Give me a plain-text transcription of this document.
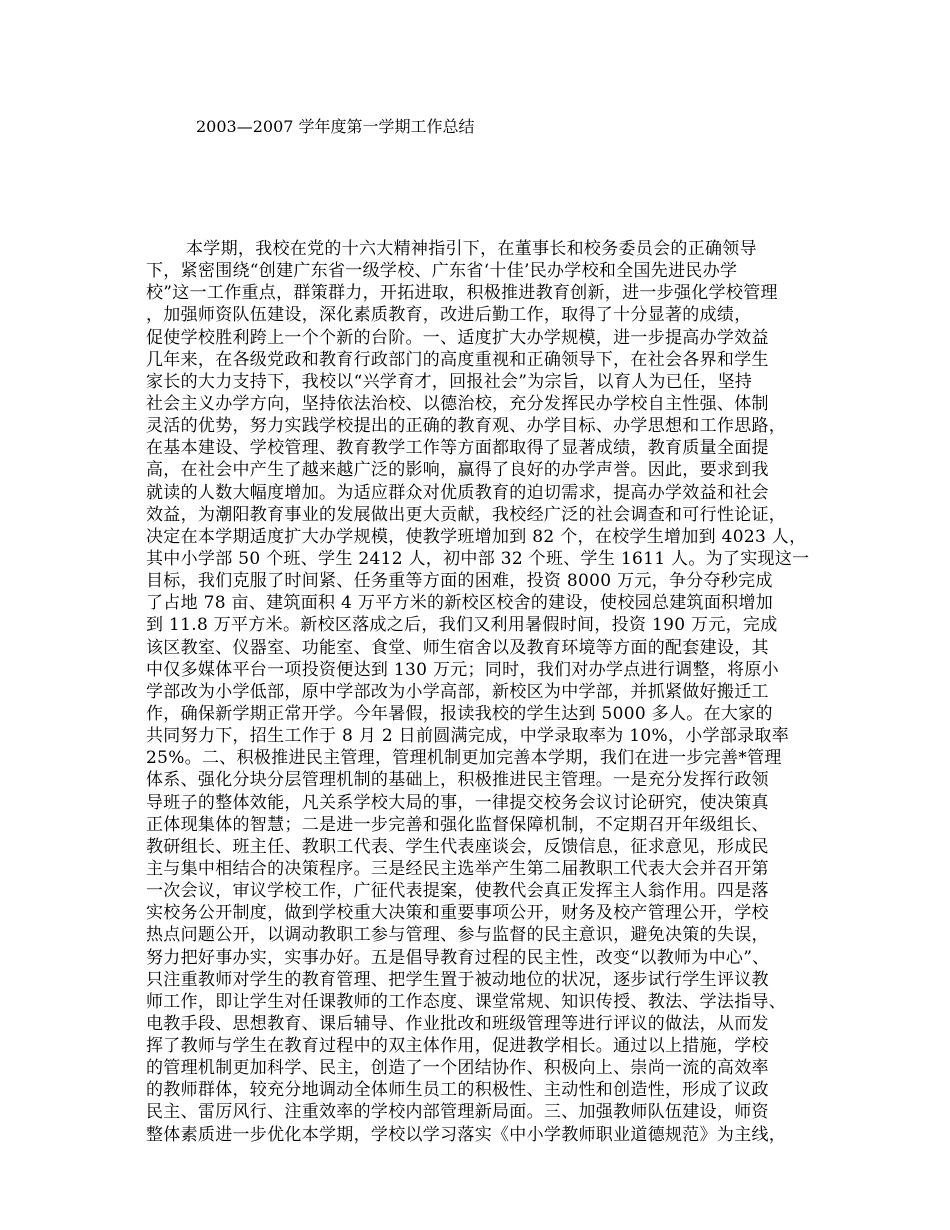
2003—2007 学年度第一学期工作总结
本学期，我校在党的十六大精神指引下，在董事长和校务委员会的正确领导
下，紧密围绕“创建广东省一级学校、广东省‘十佳’民办学校和全国先进民办学
校”这一工作重点，群策群力，开拓进取，积极推进教育创新，进一步强化学校管理
，加强师资队伍建设，深化素质教育，改进后勤工作，取得了十分显著的成绩，
促使学校胜利跨上一个个新的台阶。一、适度扩大办学规模，进一步提高办学效益
几年来，在各级党政和教育行政部门的高度重视和正确领导下，在社会各界和学生
家长的大力支持下，我校以“兴学育才，回报社会”为宗旨，以育人为已任，坚持
社会主义办学方向，坚持依法治校、以德治校，充分发挥民办学校自主性强、体制
灵活的优势，努力实践学校提出的正确的教育观、办学目标、办学思想和工作思路，
在基本建设、学校管理、教育教学工作等方面都取得了显著成绩，教育质量全面提
高，在社会中产生了越来越广泛的影响，赢得了良好的办学声誉。因此，要求到我
就读的人数大幅度增加。为适应群众对优质教育的迫切需求，提高办学效益和社会
效益，为潮阳教育事业的发展做出更大贡献，我校经广泛的社会调查和可行性论证，
决定在本学期适度扩大办学规模，使教学班增加到 82 个，在校学生增加到 4023 人，
其中小学部 50 个班、学生 2412 人，初中部 32 个班、学生 1611 人。为了实现这一
目标，我们克服了时间紧、任务重等方面的困难，投资 8000 万元，争分夺秒完成
了占地 78 亩、建筑面积 4 万平方米的新校区校舍的建设，使校园总建筑面积增加
到 11.8 万平方米。新校区落成之后，我们又利用暑假时间，投资 190 万元，完成
该区教室、仪器室、功能室、食堂、师生宿舍以及教育环境等方面的配套建设，其
中仅多媒体平台一项投资便达到 130 万元；同时，我们对办学点进行调整，将原小
学部改为小学低部，原中学部改为小学高部，新校区为中学部，并抓紧做好搬迁工
作，确保新学期正常开学。今年暑假，报读我校的学生达到 5000 多人。在大家的
共同努力下，招生工作于 8 月 2 日前圆满完成，中学录取率为 10%，小学部录取率
25%。二、积极推进民主管理，管理机制更加完善本学期，我们在进一步完善*管理
体系、强化分块分层管理机制的基础上，积极推进民主管理。一是充分发挥行政领
导班子的整体效能，凡关系学校大局的事，一律提交校务会议讨论研究，使决策真
正体现集体的智慧；二是进一步完善和强化监督保障机制，不定期召开年级组长、
教研组长、班主任、教职工代表、学生代表座谈会，反馈信息，征求意见，形成民
主与集中相结合的决策程序。三是经民主选举产生第二届教职工代表大会并召开第
一次会议，审议学校工作，广征代表提案，使教代会真正发挥主人翁作用。四是落
实校务公开制度，做到学校重大决策和重要事项公开，财务及校产管理公开，学校
热点问题公开，以调动教职工参与管理、参与监督的民主意识，避免决策的失误，
努力把好事办实，实事办好。五是倡导教育过程的民主性，改变“以教师为中心”、
只注重教师对学生的教育管理、把学生置于被动地位的状况，逐步试行学生评议教
师工作，即让学生对任课教师的工作态度、课堂常规、知识传授、教法、学法指导、
电教手段、思想教育、课后辅导、作业批改和班级管理等进行评议的做法，从而发
挥了教师与学生在教育过程中的双主体作用，促进教学相长。通过以上措施，学校
的管理机制更加科学、民主，创造了一个团结协作、积极向上、崇尚一流的高效率
的教师群体，较充分地调动全体师生员工的积极性、主动性和创造性，形成了议政
民主、雷厉风行、注重效率的学校内部管理新局面。三、加强教师队伍建设，师资
整体素质进一步优化本学期，学校以学习落实《中小学教师职业道德规范》为主线，
